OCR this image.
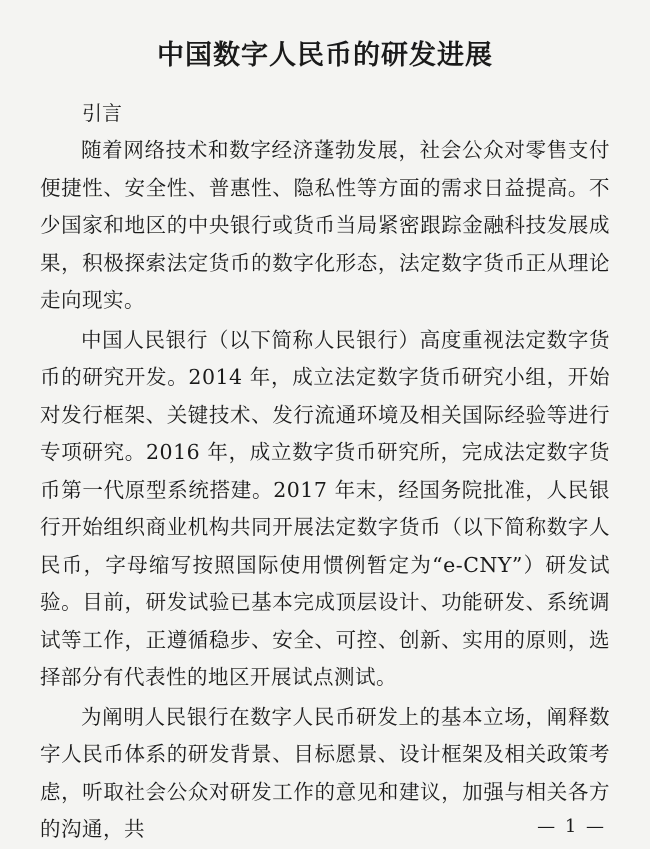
中国数字人民币的研发进展
引言

随着网络技术和数字经济蓬勃发展，社会公众对零售支付便捷性、安全性、普惠性、隐私性等方面的需求日益提高。不少国家和地区的中央银行或货币当局紧密跟踪金融科技发展成果，积极探索法定货币的数字化形态，法定数字货币正从理论走向现实。

中国人民银行（以下简称人民银行）高度重视法定数字货币的研究开发。2014 年，成立法定数字货币研究小组，开始对发行框架、关键技术、发行流通环境及相关国际经验等进行专项研究。2016 年，成立数字货币研究所，完成法定数字货币第一代原型系统搭建。2017 年末，经国务院批准，人民银行开始组织商业机构共同开展法定数字货币（以下简称数字人民币，字母缩写按照国际使用惯例暂定为“e-CNY”）研发试验。目前，研发试验已基本完成顶层设计、功能研发、系统调试等工作，正遵循稳步、安全、可控、创新、实用的原则，选择部分有代表性的地区开展试点测试。

为阐明人民银行在数字人民币研发上的基本立场，阐释数字人民币体系的研发背景、目标愿景、设计框架及相关政策考虑，听取社会公众对研发工作的意见和建议，加强与相关各方的沟通，共	— 1 —
